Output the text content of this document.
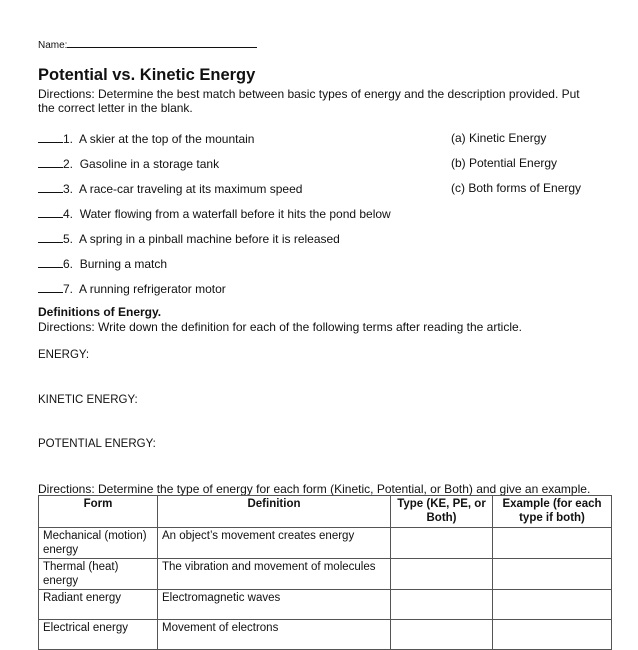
Name:
Potential vs. Kinetic Energy
Directions: Determine the best match between basic types of energy and the description provided. Put
the correct letter in the blank.
1. A skier at the top of the mountain
2. Gasoline in a storage tank
3. A race-car traveling at its maximum speed
4. Water flowing from a waterfall before it hits the pond below
5. A spring in a pinball machine before it is released
6. Burning a match
7. A running refrigerator motor
(a) Kinetic Energy
(b) Potential Energy
(c) Both forms of Energy
Definitions of Energy.
Directions: Write down the definition for each of the following terms after reading the article.
ENERGY:
KINETIC ENERGY:
POTENTIAL ENERGY:
Directions: Determine the type of energy for each form (Kinetic, Potential, or Both) and give an example.
Form	Definition	Type (KE, PE, or Both)	Example (for each type if both)
Mechanical (motion) energy	An object’s movement creates energy		
Thermal (heat) energy	The vibration and movement of molecules		
Radiant energy	Electromagnetic waves		
Electrical energy	Movement of electrons		
